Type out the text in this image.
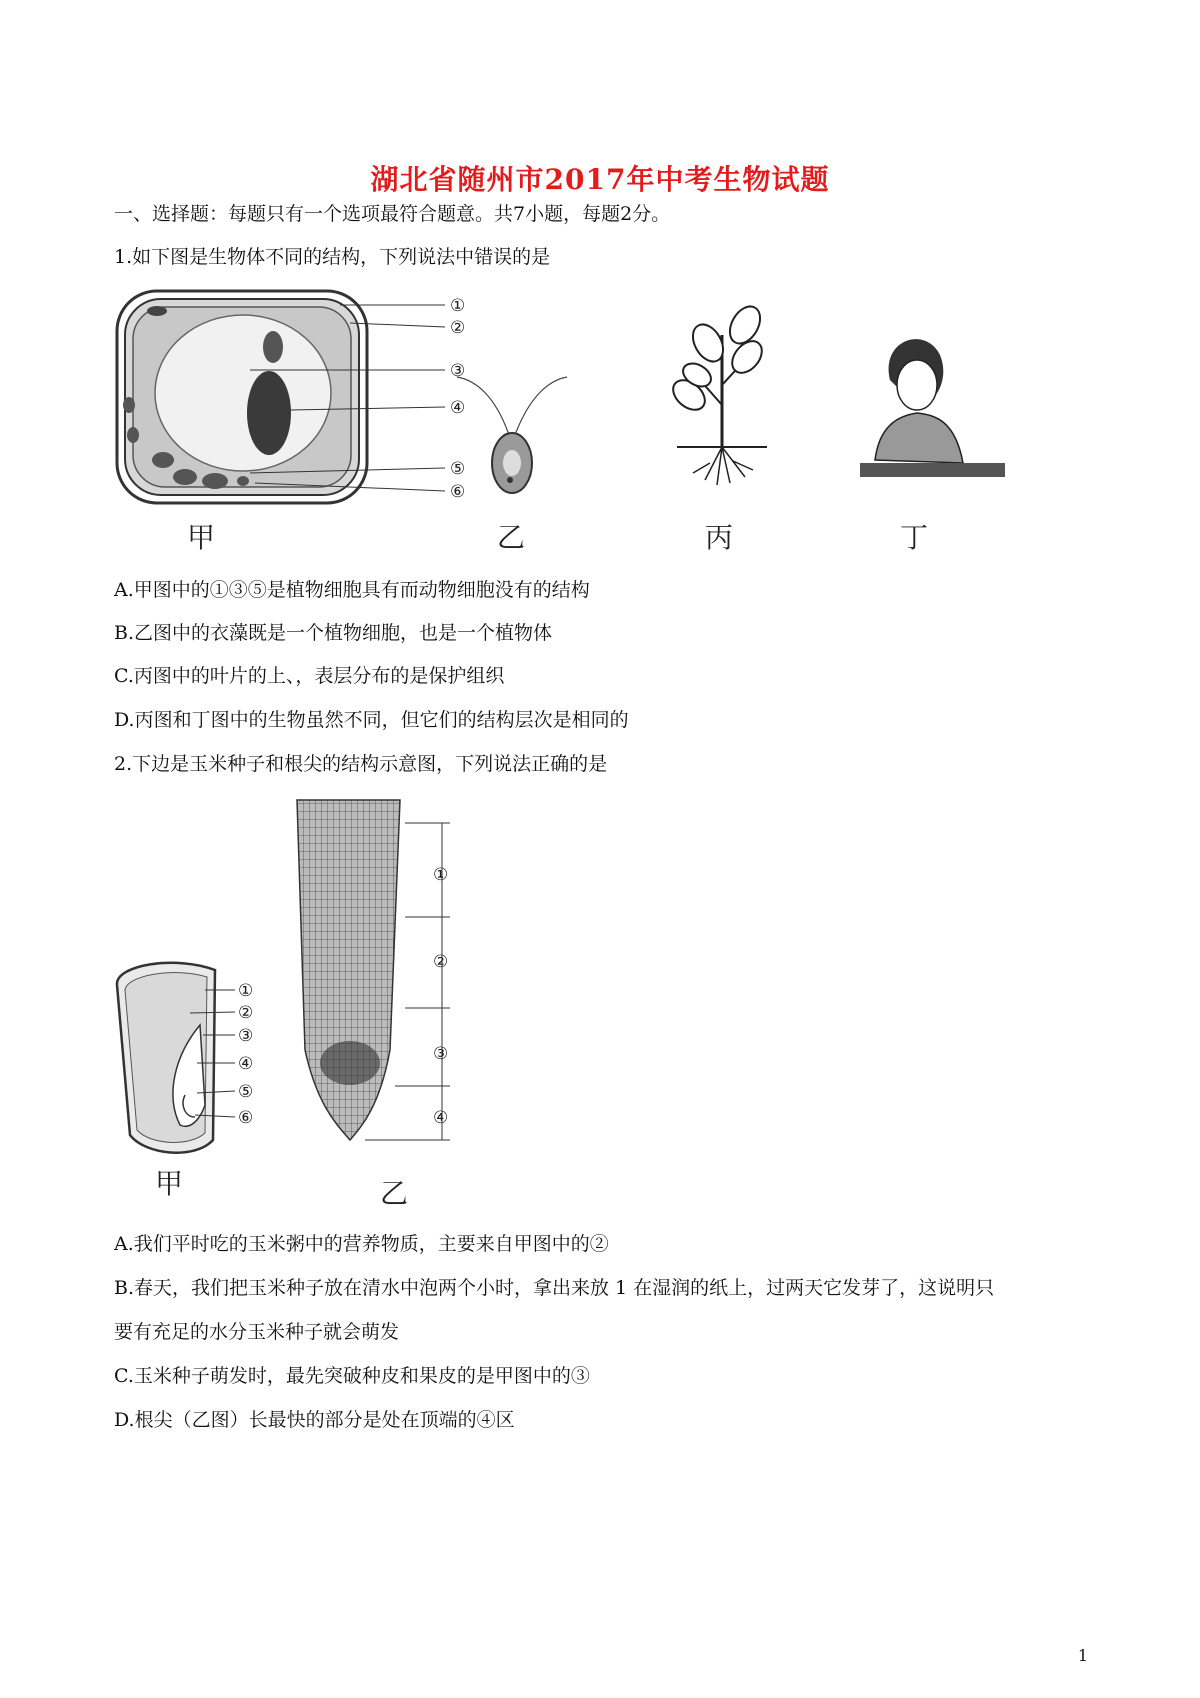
湖北省随州市2017年中考生物试题
一、选择题：每题只有一个选项最符合题意。共7小题，每题2分。
1.如下图是生物体不同的结构，下列说法中错误的是
①
②
③
④
⑤
⑥
甲	乙	丙	丁
A.甲图中的①③⑤是植物细胞具有而动物细胞没有的结构
B.乙图中的衣藻既是一个植物细胞，也是一个植物体
C.丙图中的叶片的上、，表层分布的是保护组织
D.丙图和丁图中的生物虽然不同，但它们的结构层次是相同的
2.下边是玉米种子和根尖的结构示意图，下列说法正确的是
①
②
③
④
⑤
⑥
甲
①
②
③
④
乙
A.我们平时吃的玉米粥中的营养物质，主要来自甲图中的②
B.春天，我们把玉米种子放在清水中泡两个小时，拿出来放 1 在湿润的纸上，过两天它发芽了，这说明只
要有充足的水分玉米种子就会萌发
C.玉米种子萌发时，最先突破种皮和果皮的是甲图中的③
D.根尖（乙图）长最快的部分是处在顶端的④区
1
